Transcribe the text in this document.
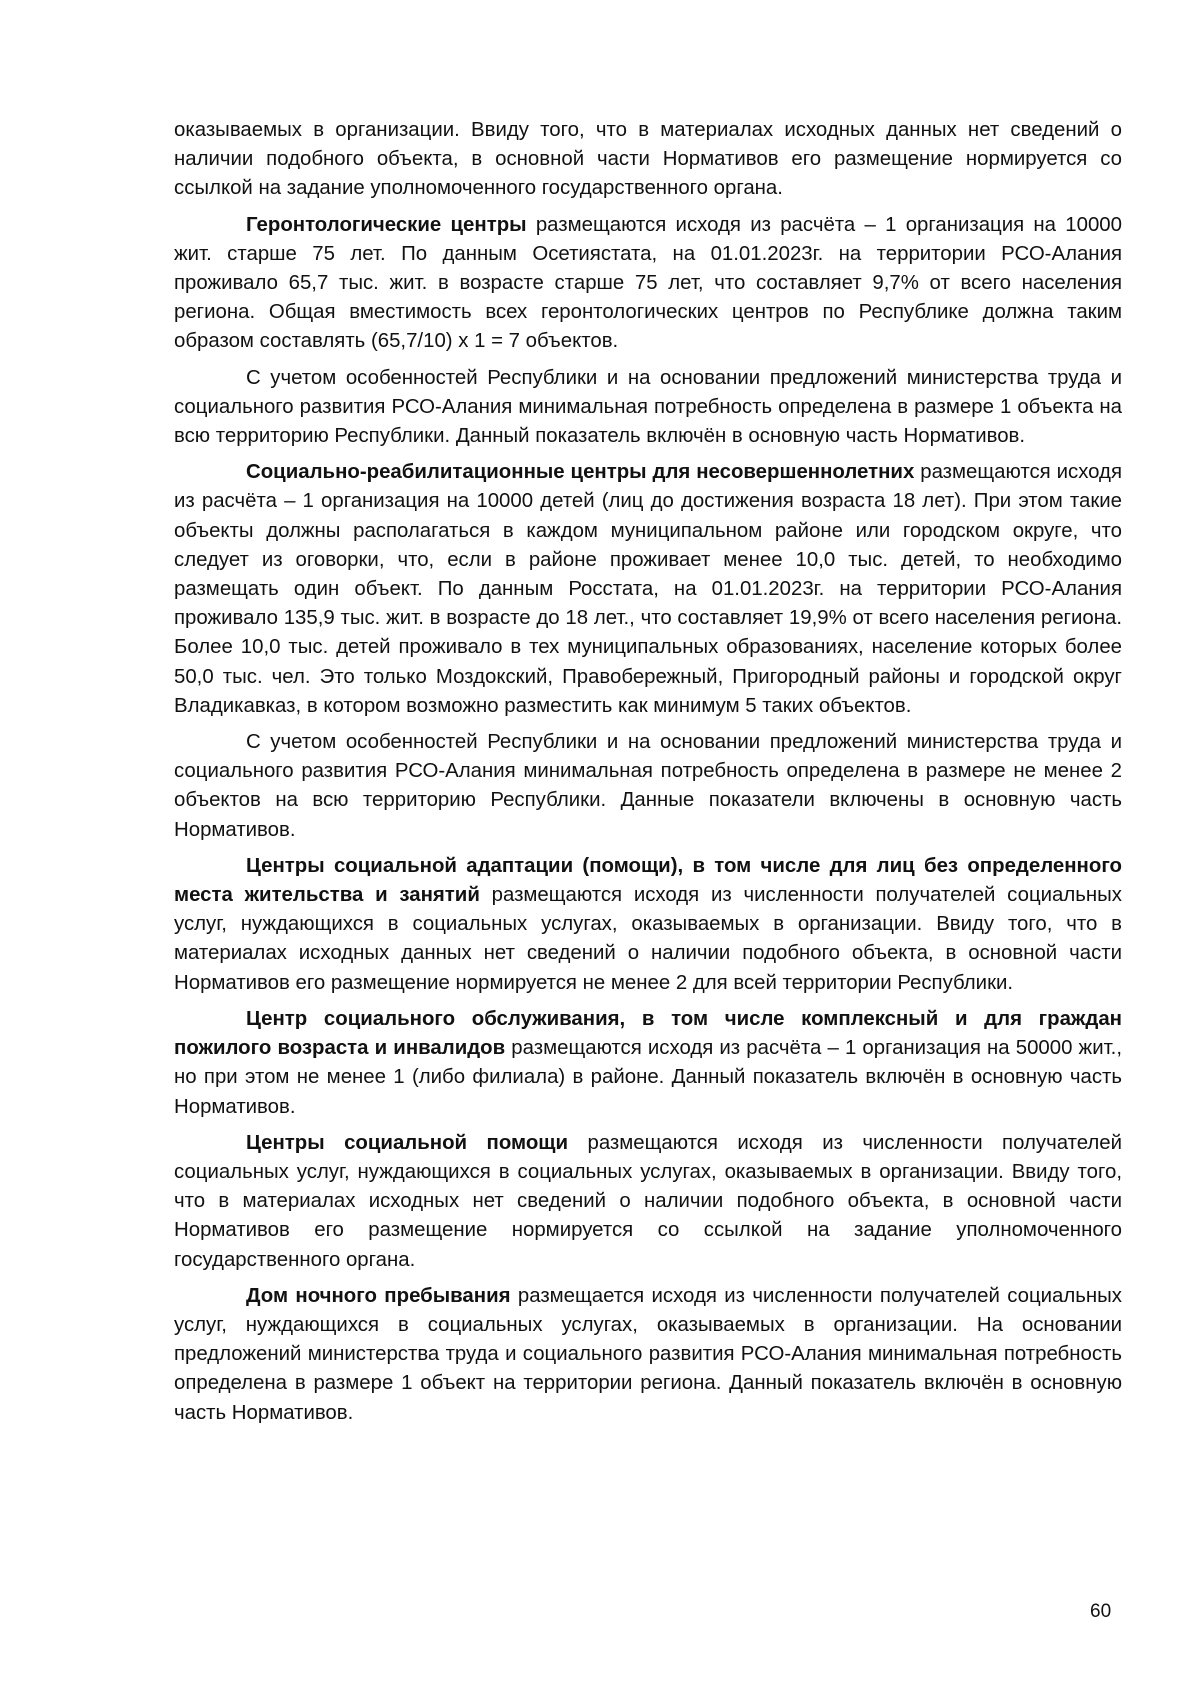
оказываемых в организации. Ввиду того, что в материалах исходных данных нет сведений о наличии подобного объекта, в основной части Нормативов его размещение нормируется со ссылкой на задание уполномоченного государственного органа.

Геронтологические центры размещаются исходя из расчёта – 1 организация на 10000 жит. старше 75 лет. По данным Осетиястата, на 01.01.2023г. на территории РСО-Алания проживало 65,7 тыс. жит. в возрасте старше 75 лет, что составляет 9,7% от всего населения региона. Общая вместимость всех геронтологических центров по Республике должна таким образом составлять (65,7/10) х 1 = 7 объектов.

С учетом особенностей Республики и на основании предложений министерства труда и социального развития РСО-Алания минимальная потребность определена в размере 1 объекта на всю территорию Республики. Данный показатель включён в основную часть Нормативов.

Социально-реабилитационные центры для несовершеннолетних размещаются исходя из расчёта – 1 организация на 10000 детей (лиц до достижения возраста 18 лет). При этом такие объекты должны располагаться в каждом муниципальном районе или городском округе, что следует из оговорки, что, если в районе проживает менее 10,0 тыс. детей, то необходимо размещать один объект. По данным Росстата, на 01.01.2023г. на территории РСО-Алания проживало 135,9 тыс. жит. в возрасте до 18 лет., что составляет 19,9% от всего населения региона. Более 10,0 тыс. детей проживало в тех муниципальных образованиях, население которых более 50,0 тыс. чел. Это только Моздокский, Правобережный, Пригородный районы и городской округ Владикавказ, в котором возможно разместить как минимум 5 таких объектов.

С учетом особенностей Республики и на основании предложений министерства труда и социального развития РСО-Алания минимальная потребность определена в размере не менее 2 объектов на всю территорию Республики. Данные показатели включены в основную часть Нормативов.

Центры социальной адаптации (помощи), в том числе для лиц без определенного места жительства и занятий размещаются исходя из численности получателей социальных услуг, нуждающихся в социальных услугах, оказываемых в организации. Ввиду того, что в материалах исходных данных нет сведений о наличии подобного объекта, в основной части Нормативов его размещение нормируется не менее 2 для всей территории Республики.

Центр социального обслуживания, в том числе комплексный и для граждан пожилого возраста и инвалидов размещаются исходя из расчёта – 1 организация на 50000 жит., но при этом не менее 1 (либо филиала) в районе. Данный показатель включён в основную часть Нормативов.

Центры социальной помощи размещаются исходя из численности получателей социальных услуг, нуждающихся в социальных услугах, оказываемых в организации. Ввиду того, что в материалах исходных нет сведений о наличии подобного объекта, в основной части Нормативов его размещение нормируется со ссылкой на задание уполномоченного государственного органа.

Дом ночного пребывания размещается исходя из численности получателей социальных услуг, нуждающихся в социальных услугах, оказываемых в организации. На основании предложений министерства труда и социального развития РСО-Алания минимальная потребность определена в размере 1 объект на территории региона. Данный показатель включён в основную часть Нормативов.

60
